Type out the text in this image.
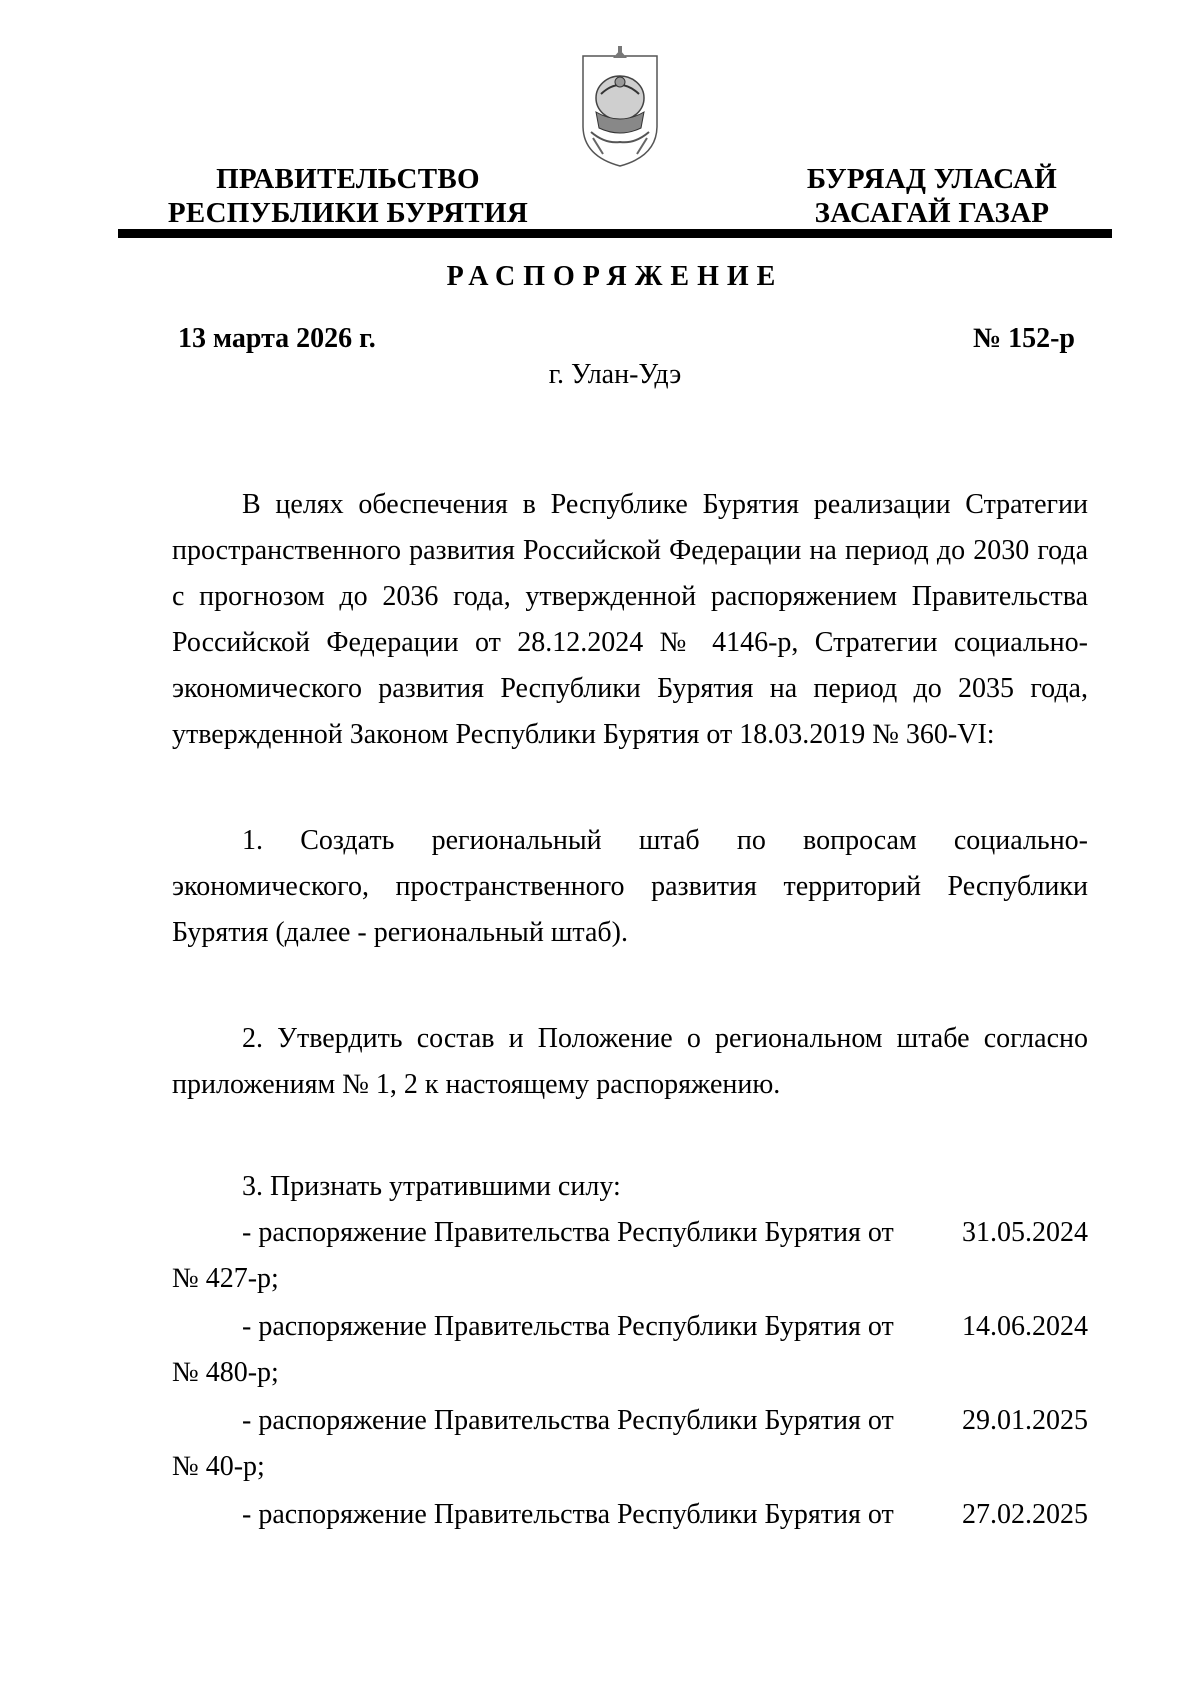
ПРАВИТЕЛЬСТВО
РЕСПУБЛИКИ БУРЯТИЯ
БУРЯАД УЛАСАЙ
ЗАСАГАЙ ГАЗАР
РАСПОРЯЖЕНИЕ
13 марта 2026 г.	№ 152-р
г. Улан-Удэ
В целях обеспечения в Республике Бурятия реализации Стратегии пространственного развития Российской Федерации на период до 2030 года с прогнозом до 2036 года, утвержденной распоряжением Правительства Российской Федерации от 28.12.2024 № 4146-р, Стратегии социально-экономического развития Республики Бурятия на период до 2035 года, утвержденной Законом Республики Бурятия от 18.03.2019 № 360-VI:
1. Создать региональный штаб по вопросам социально-экономического, пространственного развития территорий Республики Бурятия (далее - региональный штаб).
2. Утвердить состав и Положение о региональном штабе согласно приложениям № 1, 2 к настоящему распоряжению.
3. Признать утратившими силу:
- распоряжение Правительства Республики Бурятия от 31.05.2024
№ 427-р;
- распоряжение Правительства Республики Бурятия от 14.06.2024
№ 480-р;
- распоряжение Правительства Республики Бурятия от 29.01.2025
№ 40-р;
- распоряжение Правительства Республики Бурятия от 27.02.2025
